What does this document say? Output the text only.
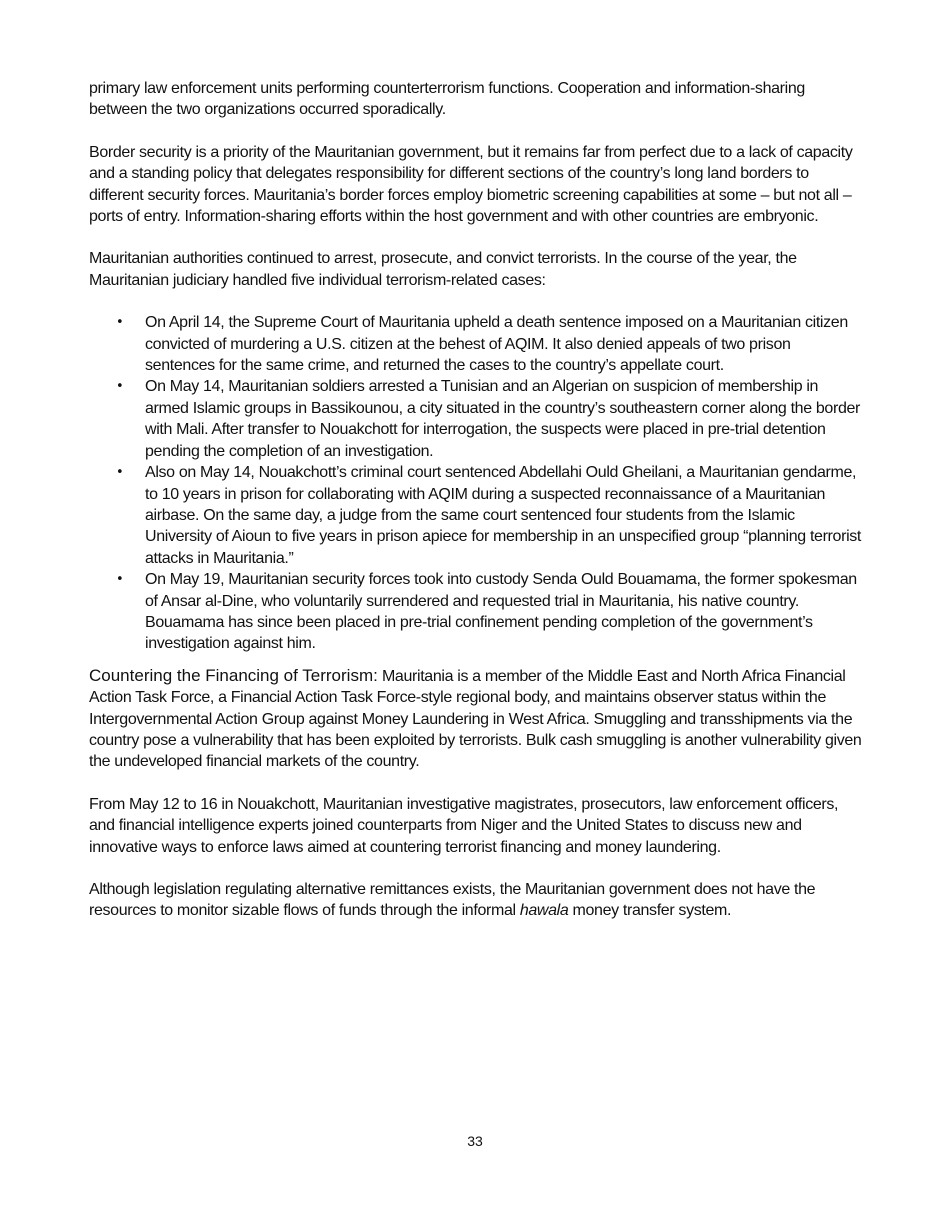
primary law enforcement units performing counterterrorism functions. Cooperation and information-sharing between the two organizations occurred sporadically.

Border security is a priority of the Mauritanian government, but it remains far from perfect due to a lack of capacity and a standing policy that delegates responsibility for different sections of the country’s long land borders to different security forces. Mauritania’s border forces employ biometric screening capabilities at some – but not all – ports of entry. Information-sharing efforts within the host government and with other countries are embryonic.

Mauritanian authorities continued to arrest, prosecute, and convict terrorists. In the course of the year, the Mauritanian judiciary handled five individual terrorism-related cases:

• On April 14, the Supreme Court of Mauritania upheld a death sentence imposed on a Mauritanian citizen convicted of murdering a U.S. citizen at the behest of AQIM. It also denied appeals of two prison sentences for the same crime, and returned the cases to the country’s appellate court.
• On May 14, Mauritanian soldiers arrested a Tunisian and an Algerian on suspicion of membership in armed Islamic groups in Bassikounou, a city situated in the country’s southeastern corner along the border with Mali. After transfer to Nouakchott for interrogation, the suspects were placed in pre-trial detention pending the completion of an investigation.
• Also on May 14, Nouakchott’s criminal court sentenced Abdellahi Ould Gheilani, a Mauritanian gendarme, to 10 years in prison for collaborating with AQIM during a suspected reconnaissance of a Mauritanian airbase. On the same day, a judge from the same court sentenced four students from the Islamic University of Aioun to five years in prison apiece for membership in an unspecified group “planning terrorist attacks in Mauritania.”
• On May 19, Mauritanian security forces took into custody Senda Ould Bouamama, the former spokesman of Ansar al-Dine, who voluntarily surrendered and requested trial in Mauritania, his native country. Bouamama has since been placed in pre-trial confinement pending completion of the government’s investigation against him.

Countering the Financing of Terrorism: Mauritania is a member of the Middle East and North Africa Financial Action Task Force, a Financial Action Task Force-style regional body, and maintains observer status within the Intergovernmental Action Group against Money Laundering in West Africa. Smuggling and transshipments via the country pose a vulnerability that has been exploited by terrorists. Bulk cash smuggling is another vulnerability given the undeveloped financial markets of the country.

From May 12 to 16 in Nouakchott, Mauritanian investigative magistrates, prosecutors, law enforcement officers, and financial intelligence experts joined counterparts from Niger and the United States to discuss new and innovative ways to enforce laws aimed at countering terrorist financing and money laundering.

Although legislation regulating alternative remittances exists, the Mauritanian government does not have the resources to monitor sizable flows of funds through the informal hawala money transfer system.

33
